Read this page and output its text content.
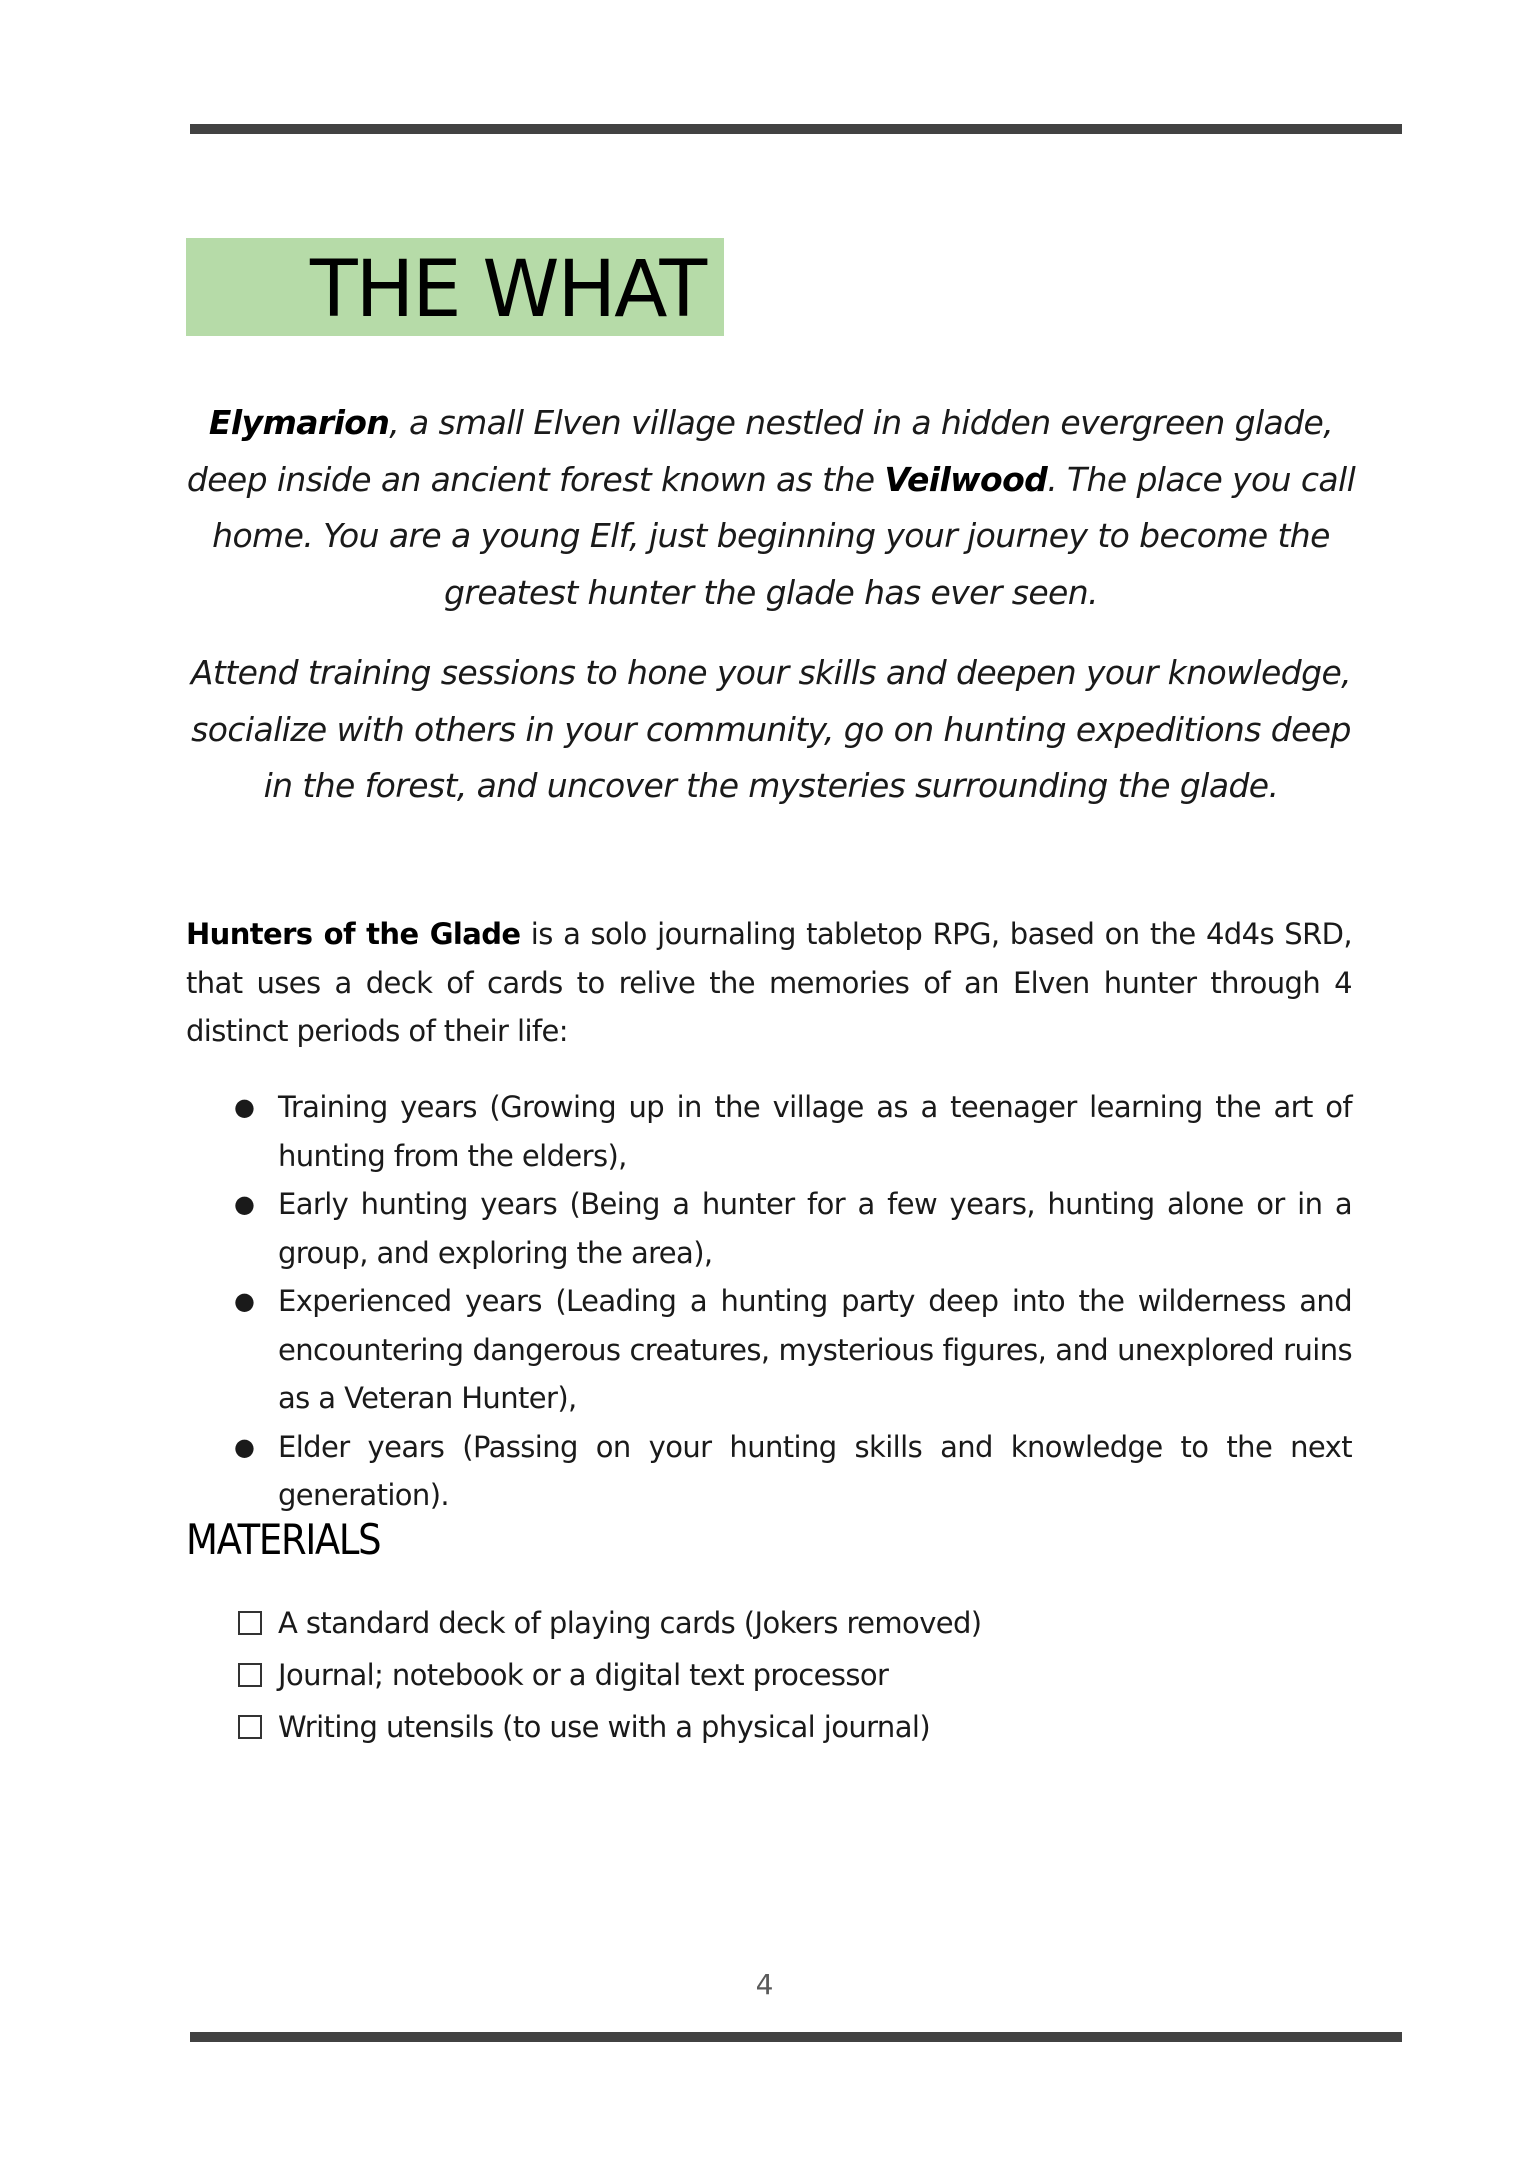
THE WHAT

Elymarion, a small Elven village nestled in a hidden evergreen glade, deep inside an ancient forest known as the Veilwood. The place you call home. You are a young Elf, just beginning your journey to become the greatest hunter the glade has ever seen.

Attend training sessions to hone your skills and deepen your knowledge, socialize with others in your community, go on hunting expeditions deep in the forest, and uncover the mysteries surrounding the glade.

Hunters of the Glade is a solo journaling tabletop RPG, based on the 4d4s SRD, that uses a deck of cards to relive the memories of an Elven hunter through 4 distinct periods of their life:

● Training years (Growing up in the village as a teenager learning the art of hunting from the elders),
● Early hunting years (Being a hunter for a few years, hunting alone or in a group, and exploring the area),
● Experienced years (Leading a hunting party deep into the wilderness and encountering dangerous creatures, mysterious figures, and unexplored ruins as a Veteran Hunter),
● Elder years (Passing on your hunting skills and knowledge to the next generation).
MATERIALS
A standard deck of playing cards (Jokers removed)
Journal; notebook or a digital text processor
Writing utensils (to use with a physical journal)
4
